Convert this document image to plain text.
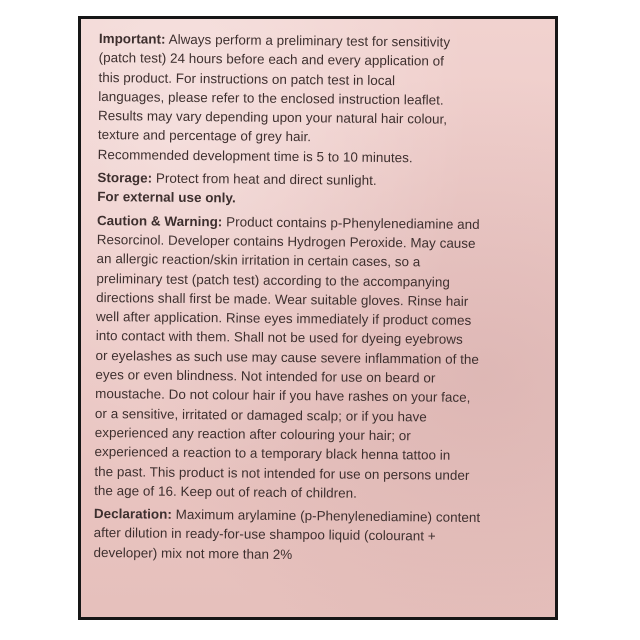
Important: Always perform a preliminary test for sensitivity

(patch test) 24 hours before each and every application of

this product. For instructions on patch test in local

languages, please refer to the enclosed instruction leaflet.

Results may vary depending upon your natural hair colour,

texture and percentage of grey hair.

Recommended development time is 5 to 10 minutes.

Storage: Protect from heat and direct sunlight.

For external use only.

Caution & Warning: Product contains p-Phenylenediamine and

Resorcinol. Developer contains Hydrogen Peroxide. May cause

an allergic reaction/skin irritation in certain cases, so a

preliminary test (patch test) according to the accompanying

directions shall first be made. Wear suitable gloves. Rinse hair

well after application. Rinse eyes immediately if product comes

into contact with them. Shall not be used for dyeing eyebrows

or eyelashes as such use may cause severe inflammation of the

eyes or even blindness. Not intended for use on beard or

moustache. Do not colour hair if you have rashes on your face,

or a sensitive, irritated or damaged scalp; or if you have

experienced any reaction after colouring your hair; or

experienced a reaction to a temporary black henna tattoo in

the past. This product is not intended for use on persons under

the age of 16. Keep out of reach of children.

Declaration: Maximum arylamine (p-Phenylenediamine) content

after dilution in ready-for-use shampoo liquid (colourant +

developer) mix not more than 2%
